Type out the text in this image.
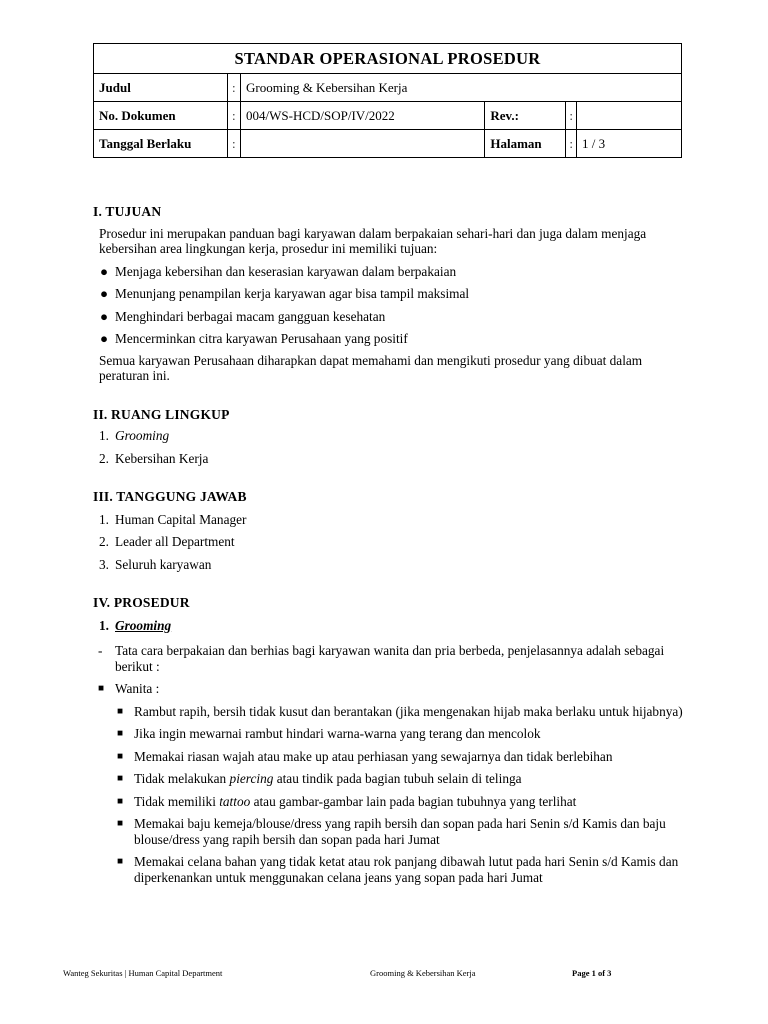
STANDAR OPERASIONAL PROSEDUR					
Judul	:	Grooming & Kebersihan Kerja			
No. Dokumen	:	004/WS-HCD/SOP/IV/2022	Rev.:	:	
Tanggal Berlaku	:		Halaman	:	1 / 3
I. TUJUAN

Prosedur ini merupakan panduan bagi karyawan dalam berpakaian sehari-hari dan juga dalam menjaga kebersihan area lingkungan kerja, prosedur ini memiliki tujuan:

● Menjaga kebersihan dan keserasian karyawan dalam berpakaian
● Menunjang penampilan kerja karyawan agar bisa tampil maksimal
● Menghindari berbagai macam gangguan kesehatan
● Mencerminkan citra karyawan Perusahaan yang positif

Semua karyawan Perusahaan diharapkan dapat memahami dan mengikuti prosedur yang dibuat dalam peraturan ini.

II. RUANG LINGKUP
1. Grooming
2. Kebersihan Kerja
III. TANGGUNG JAWAB
1. Human Capital Manager
2. Leader all Department
3. Seluruh karyawan
IV. PROSEDUR
1. Grooming
- Tata cara berpakaian dan berhias bagi karyawan wanita dan pria berbeda, penjelasannya adalah sebagai berikut :
■ Wanita :
■ Rambut rapih, bersih tidak kusut dan berantakan (jika mengenakan hijab maka berlaku untuk hijabnya)
■ Jika ingin mewarnai rambut hindari warna-warna yang terang dan mencolok
■ Memakai riasan wajah atau make up atau perhiasan yang sewajarnya dan tidak berlebihan
■ Tidak melakukan piercing atau tindik pada bagian tubuh selain di telinga
■ Tidak memiliki tattoo atau gambar-gambar lain pada bagian tubuhnya yang terlihat
■ Memakai baju kemeja/blouse/dress yang rapih bersih dan sopan pada hari Senin s/d Kamis dan baju blouse/dress yang rapih bersih dan sopan pada hari Jumat
■ Memakai celana bahan yang tidak ketat atau rok panjang dibawah lutut pada hari Senin s/d Kamis dan diperkenankan untuk menggunakan celana jeans yang sopan pada hari Jumat
Wanteg Sekuritas | Human Capital Department	Grooming & Kebersihan Kerja	Page 1 of 3
